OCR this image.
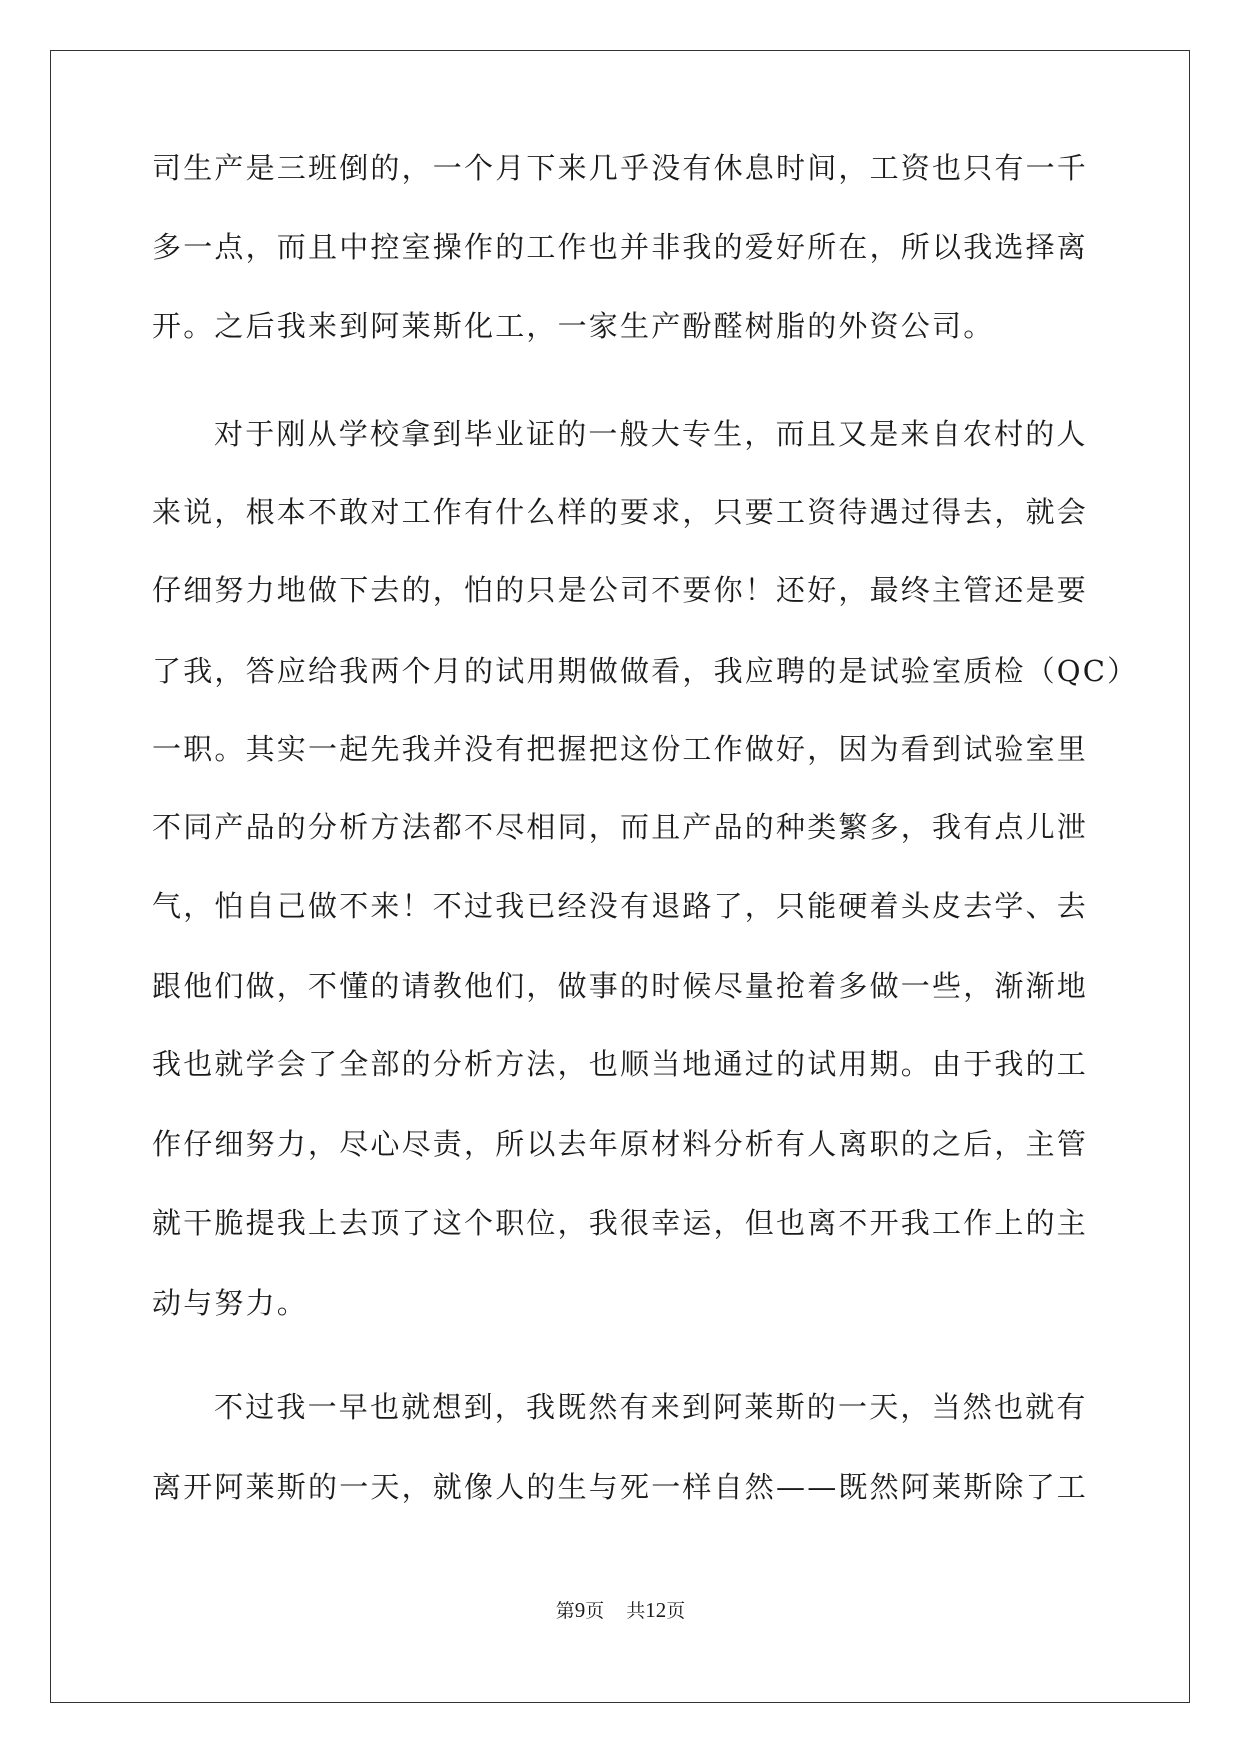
司生产是三班倒的，一个月下来几乎没有休息时间，工资也只有一千
多一点，而且中控室操作的工作也并非我的爱好所在，所以我选择离
开。之后我来到阿莱斯化工，一家生产酚醛树脂的外资公司。
对于刚从学校拿到毕业证的一般大专生，而且又是来自农村的人
来说，根本不敢对工作有什么样的要求，只要工资待遇过得去，就会
仔细努力地做下去的，怕的只是公司不要你！还好，最终主管还是要
了我，答应给我两个月的试用期做做看，我应聘的是试验室质检（QC）
一职。其实一起先我并没有把握把这份工作做好，因为看到试验室里
不同产品的分析方法都不尽相同，而且产品的种类繁多，我有点儿泄
气，怕自己做不来！不过我已经没有退路了，只能硬着头皮去学、去
跟他们做，不懂的请教他们，做事的时候尽量抢着多做一些，渐渐地
我也就学会了全部的分析方法，也顺当地通过的试用期。由于我的工
作仔细努力，尽心尽责，所以去年原材料分析有人离职的之后，主管
就干脆提我上去顶了这个职位，我很幸运，但也离不开我工作上的主
动与努力。
不过我一早也就想到，我既然有来到阿莱斯的一天，当然也就有
离开阿莱斯的一天，就像人的生与死一样自然——既然阿莱斯除了工
第9页 共12页
